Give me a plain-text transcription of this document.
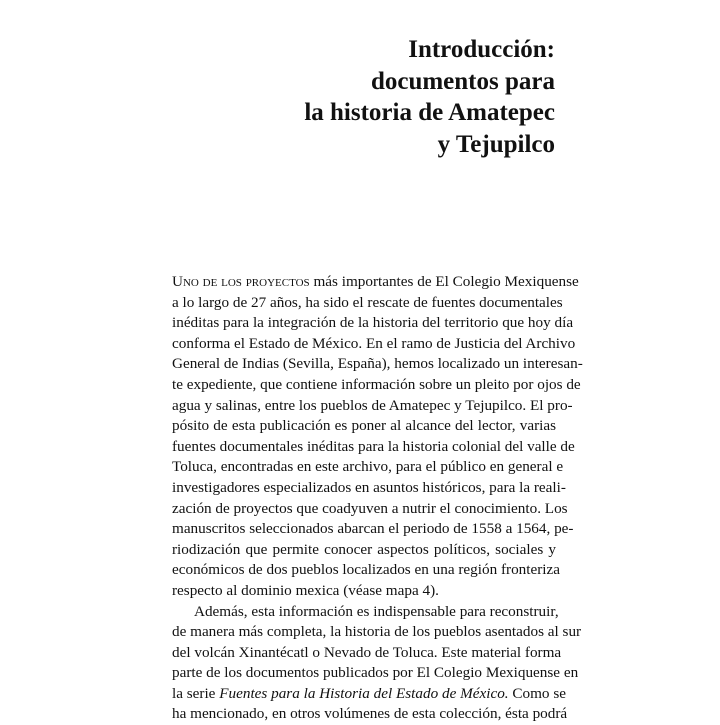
Introducción:
documentos para
la historia de Amatepec
y Tejupilco
Uno de los proyectos más importantes de El Colegio Mexiquense
a lo largo de 27 años, ha sido el rescate de fuentes documentales
inéditas para la integración de la historia del territorio que hoy día
conforma el Estado de México. En el ramo de Justicia del Archivo
General de Indias (Sevilla, España), hemos localizado un interesan-
te expediente, que contiene información sobre un pleito por ojos de
agua y salinas, entre los pueblos de Amatepec y Tejupilco. El pro-
pósito de esta publicación es poner al alcance del lector, varias
fuentes documentales inéditas para la historia colonial del valle de
Toluca, encontradas en este archivo, para el público en general e
investigadores especializados en asuntos históricos, para la reali-
zación de proyectos que coadyuven a nutrir el conocimiento. Los
manuscritos seleccionados abarcan el periodo de 1558 a 1564, pe-
riodización que permite conocer aspectos políticos, sociales y
económicos de dos pueblos localizados en una región fronteriza
respecto al dominio mexica (véase mapa 4).
Además, esta información es indispensable para reconstruir,
de manera más completa, la historia de los pueblos asentados al sur
del volcán Xinantécatl o Nevado de Toluca. Este material forma
parte de los documentos publicados por El Colegio Mexiquense en
la serie Fuentes para la Historia del Estado de México. Como se
ha mencionado, en otros volúmenes de esta colección, ésta podrá
